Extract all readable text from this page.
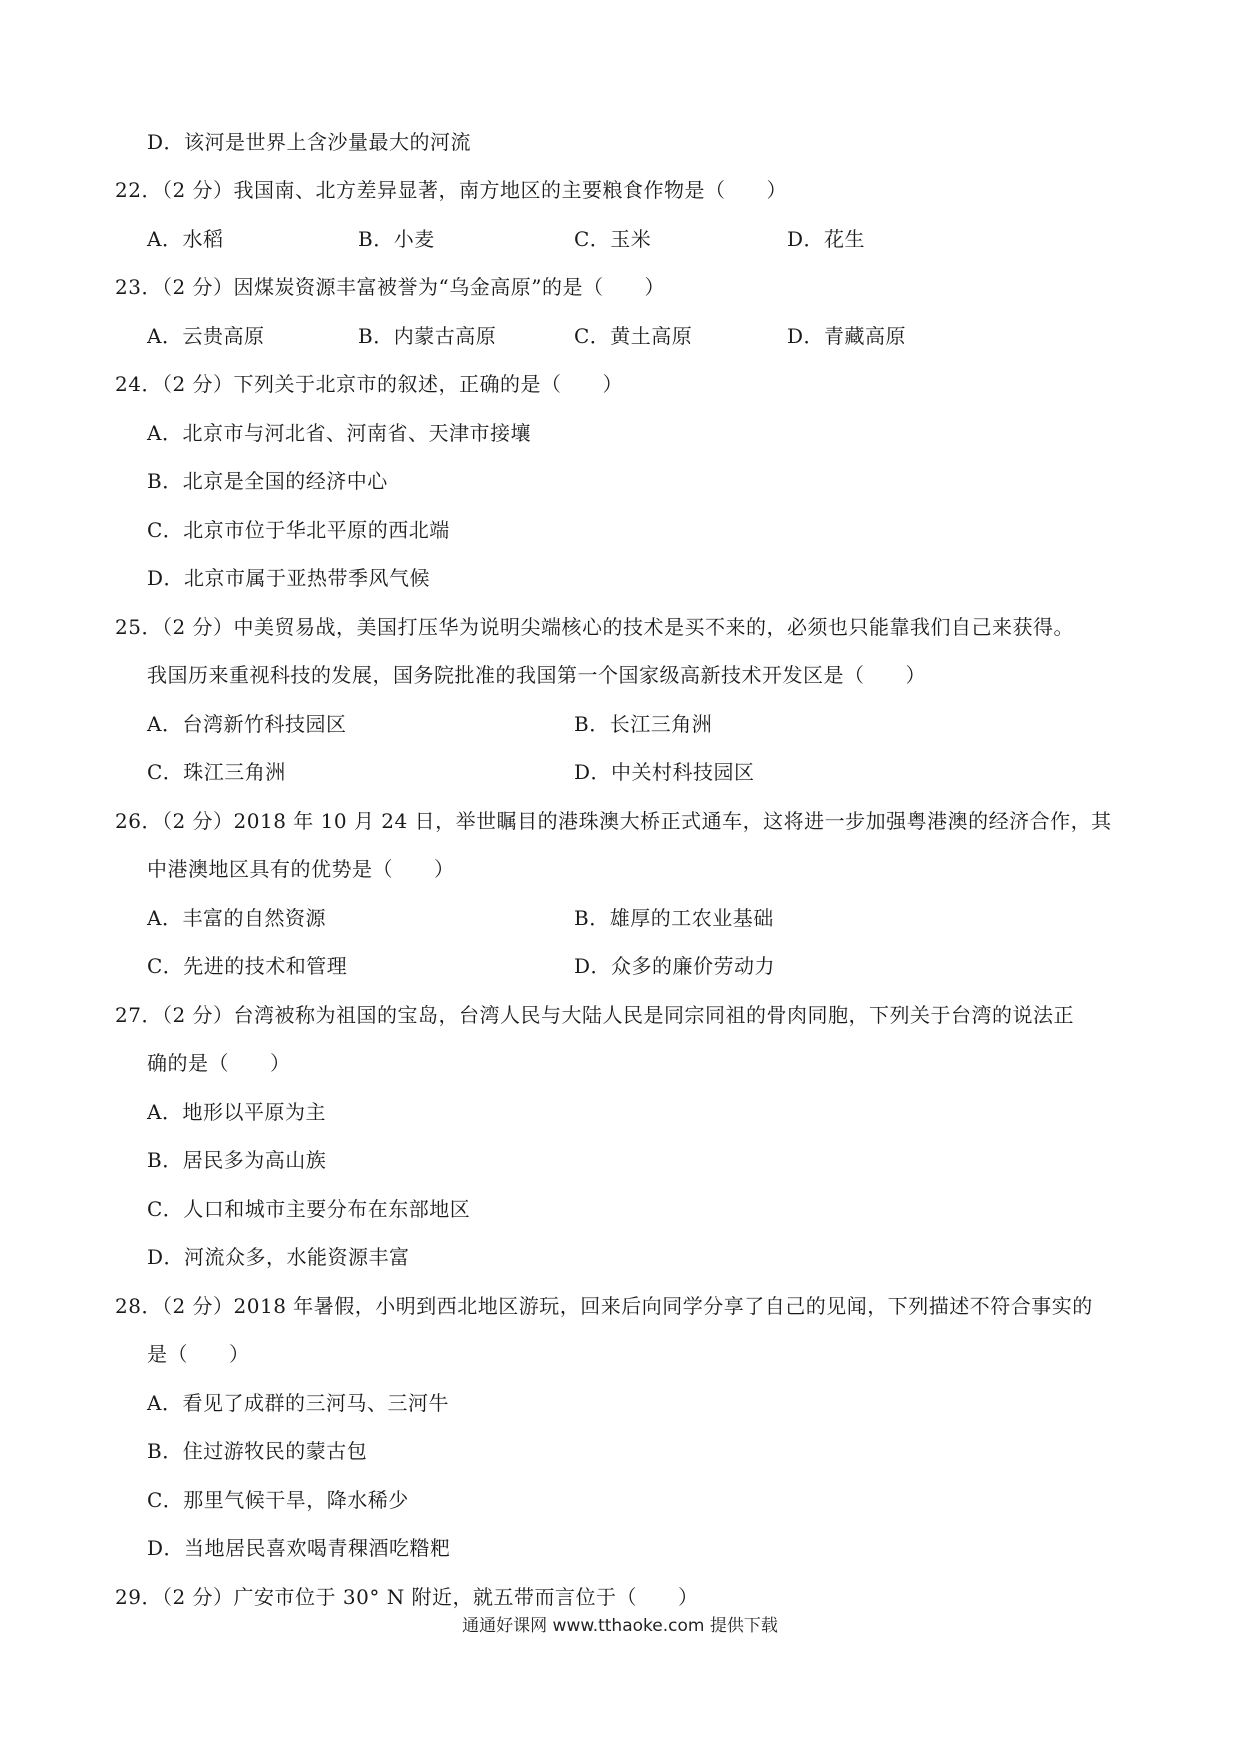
D．该河是世界上含沙量最大的河流
22．（2 分）我国南、北方差异显著，南方地区的主要粮食作物是（　　）
A．水稻	B．小麦	C．玉米	D．花生
23．（2 分）因煤炭资源丰富被誉为“乌金高原”的是（　　）
A．云贵高原	B．内蒙古高原	C．黄土高原	D．青藏高原
24．（2 分）下列关于北京市的叙述，正确的是（　　）
A．北京市与河北省、河南省、天津市接壤
B．北京是全国的经济中心
C．北京市位于华北平原的西北端
D．北京市属于亚热带季风气候
25．（2 分）中美贸易战，美国打压华为说明尖端核心的技术是买不来的，必须也只能靠我们自己来获得。
我国历来重视科技的发展，国务院批准的我国第一个国家级高新技术开发区是（　　）
A．台湾新竹科技园区	B．长江三角洲
C．珠江三角洲	D．中关村科技园区
26．（2 分）2018 年 10 月 24 日，举世瞩目的港珠澳大桥正式通车，这将进一步加强粤港澳的经济合作，其
中港澳地区具有的优势是（　　）
A．丰富的自然资源	B．雄厚的工农业基础
C．先进的技术和管理	D．众多的廉价劳动力
27．（2 分）台湾被称为祖国的宝岛，台湾人民与大陆人民是同宗同祖的骨肉同胞，下列关于台湾的说法正
确的是（　　）
A．地形以平原为主
B．居民多为高山族
C．人口和城市主要分布在东部地区
D．河流众多，水能资源丰富
28．（2 分）2018 年暑假，小明到西北地区游玩，回来后向同学分享了自己的见闻，下列描述不符合事实的
是（　　）
A．看见了成群的三河马、三河牛
B．住过游牧民的蒙古包
C．那里气候干旱，降水稀少
D．当地居民喜欢喝青稞酒吃糌粑
29．（2 分）广安市位于 30° N 附近，就五带而言位于（　　）
通通好课网 www.tthaoke.com 提供下载
